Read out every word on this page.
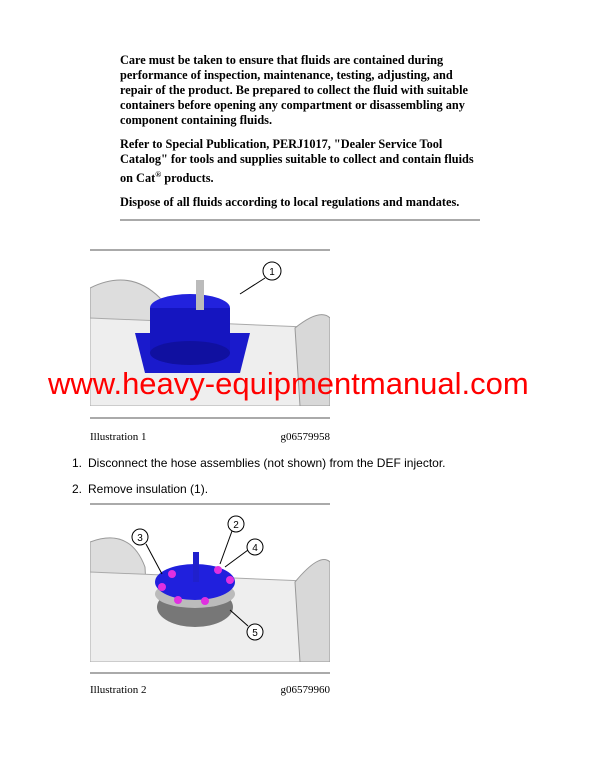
Care must be taken to ensure that fluids are contained during performance of inspection, maintenance, testing, adjusting, and repair of the product. Be prepared to collect the fluid with suitable containers before opening any compartment or disassembling any component containing fluids.

Refer to Special Publication, PERJ1017, "Dealer Service Tool Catalog" for tools and supplies suitable to collect and contain fluids on Cat® products.

Dispose of all fluids according to local regulations and mandates.

1
Illustration 1	g06579958
www.heavy-equipmentmanual.com
1. Disconnect the hose assemblies (not shown) from the DEF injector.
2. Remove insulation (1).
2
3
4
5
Illustration 2	g06579960
